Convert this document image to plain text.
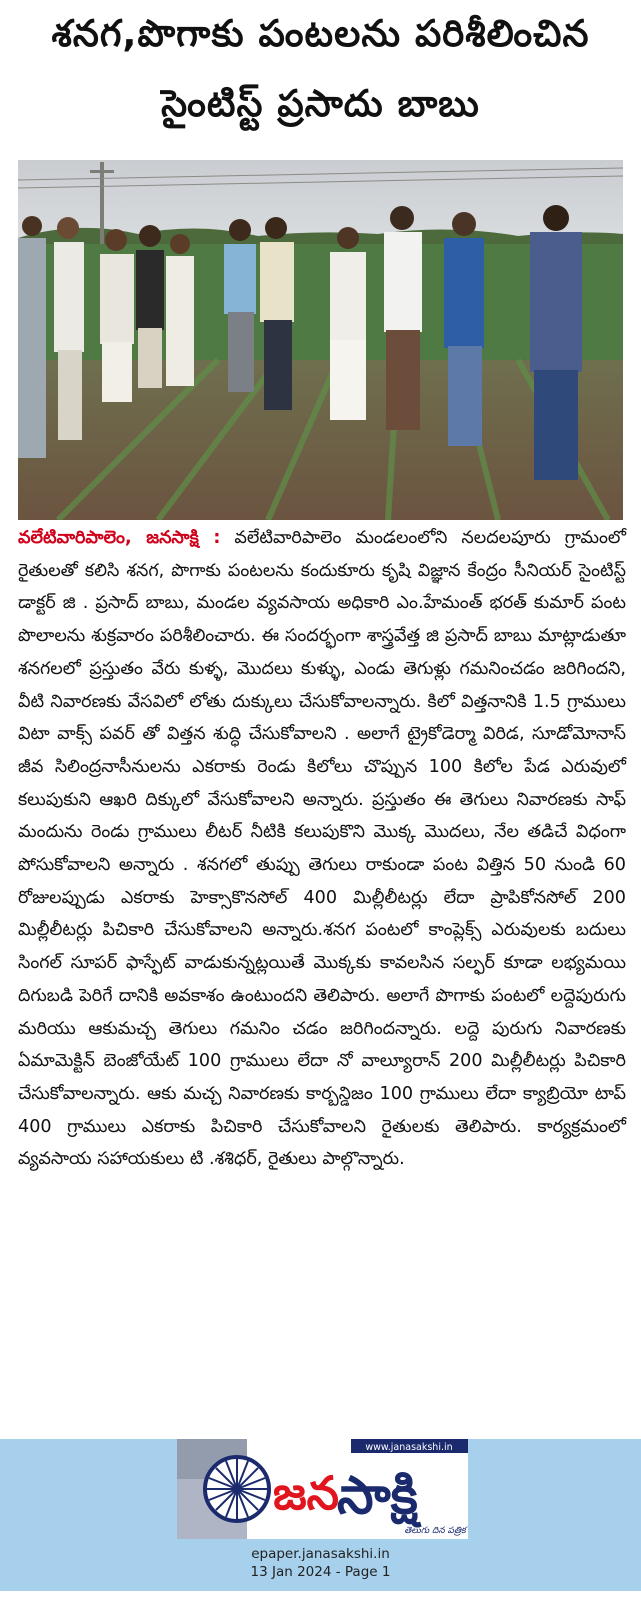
శనగ,పొగాకు పంటలను పరిశీలించిన
సైంటిస్ట్ ప్రసాదు బాబు
వలేటివారిపాలెం, జనసాక్షి : వలేటివారిపాలెం మండలంలోని నలదలపూరు గ్రామంలో రైతులతో కలిసి శనగ, పొగాకు పంటలను కందుకూరు కృషి విజ్ఞాన కేంద్రం సీనియర్ సైంటిస్ట్ డాక్టర్ జి . ప్రసాద్ బాబు, మండల వ్యవసాయ అధికారి ఎం.హేమంత్ భరత్ కుమార్ పంట పొలాలను శుక్రవారం పరిశీలించారు. ఈ సందర్భంగా శాస్త్రవేత్త జి ప్రసాద్ బాబు మాట్లాడుతూ శనగలలో ప్రస్తుతం వేరు కుళ్ళ, మొదలు కుళ్ళు, ఎండు తెగుళ్లు గమనించడం జరిగిందని, వీటి నివారణకు వేసవిలో లోతు దుక్కులు చేసుకోవాలన్నారు. కిలో విత్తనానికి 1.5 గ్రాములు విటా వాక్స్ పవర్ తో విత్తన శుద్ధి చేసుకోవాలని . అలాగే ట్రైకోడెర్మా విరిడ, సూడోమోనాస్ జీవ సిలింద్రనాసీనులను ఎకరాకు రెండు కిలోలు చొప్పున 100 కిలోల పేడ ఎరువులో కలుపుకుని ఆఖరి దిక్కులో వేసుకోవాలని అన్నారు. ప్రస్తుతం ఈ తెగులు నివారణకు సాఫ్ మందును రెండు గ్రాములు లీటర్ నీటికి కలుపుకొని మొక్క మొదలు, నేల తడిచే విధంగా పోసుకోవాలని అన్నారు . శనగలో తుప్పు తెగులు రాకుండా పంట విత్తిన 50 నుండి 60 రోజులప్పుడు ఎకరాకు హెక్సాకొనసోల్ 400 మిల్లీలీటర్లు లేదా ప్రాపికోనసోల్ 200 మిల్లీలీటర్లు పిచికారి చేసుకోవాలని అన్నారు.శనగ పంటలో కాంప్లెక్స్ ఎరువులకు బదులు సింగల్ సూపర్ ఫాస్ఫేట్ వాడుకున్నట్లయితే మొక్కకు కావలసిన సల్ఫర్ కూడా లభ్యమయి దిగుబడి పెరిగే దానికి అవకాశం ఉంటుందని తెలిపారు. అలాగే పొగాకు పంటలో లద్దెపురుగు మరియు ఆకుమచ్చ తెగులు గమనిం చడం జరిగిందన్నారు. లద్దె పురుగు నివారణకు ఏమామెక్టిన్ బెంజోయేట్ 100 గ్రాములు లేదా నో వాల్యూరాన్ 200 మిల్లీలీటర్లు పిచికారి చేసుకోవాలన్నారు. ఆకు మచ్చ నివారణకు కార్బన్డిజం 100 గ్రాములు లేదా క్యాబ్రియో టాప్ 400 గ్రాములు ఎకరాకు పిచికారి చేసుకోవాలని రైతులకు తెలిపారు. కార్యక్రమంలో వ్యవసాయ సహాయకులు టి .శశిధర్, రైతులు పాల్గొన్నారు.
www.janasakshi.in
జన
సాక్షి
తెలుగు దిన పత్రిక
epaper.janasakshi.in
13 Jan 2024 - Page 1
